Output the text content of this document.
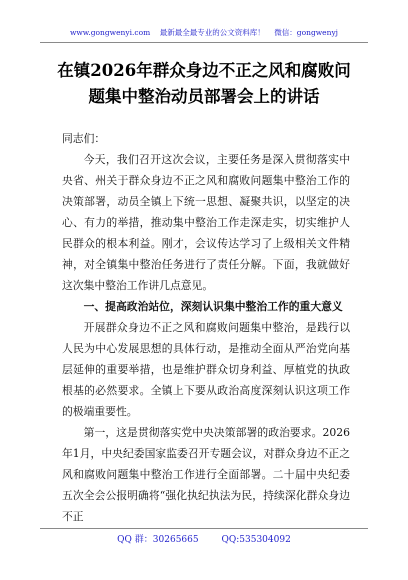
www.gongwenyi.com 最新最全最专业的公文资料库！ 微信：gongwenyj
在镇2026年群众身边不正之风和腐败问
题集中整治动员部署会上的讲话

同志们：

今天，我们召开这次会议，主要任务是深入贯彻落实中央省、州关于群众身边不正之风和腐败问题集中整治工作的决策部署，动员全镇上下统一思想、凝聚共识，以坚定的决心、有力的举措，推动集中整治工作走深走实，切实维护人民群众的根本利益。刚才，会议传达学习了上级相关文件精神，对全镇集中整治任务进行了责任分解。下面，我就做好这次集中整治工作讲几点意见。

一、提高政治站位，深刻认识集中整治工作的重大意义

开展群众身边不正之风和腐败问题集中整治，是践行以人民为中心发展思想的具体行动，是推动全面从严治党向基层延伸的重要举措，也是维护群众切身利益、厚植党的执政根基的必然要求。全镇上下要从政治高度深刻认识这项工作的极端重要性。

第一，这是贯彻落实党中央决策部署的政治要求。2026年1月，中央纪委国家监委召开专题会议，对群众身边不正之风和腐败问题集中整治工作进行全面部署。二十届中央纪委五次全会公报明确将“强化执纪执法为民，持续深化群众身边不正

QQ 群：30265665	QQ:535304092
